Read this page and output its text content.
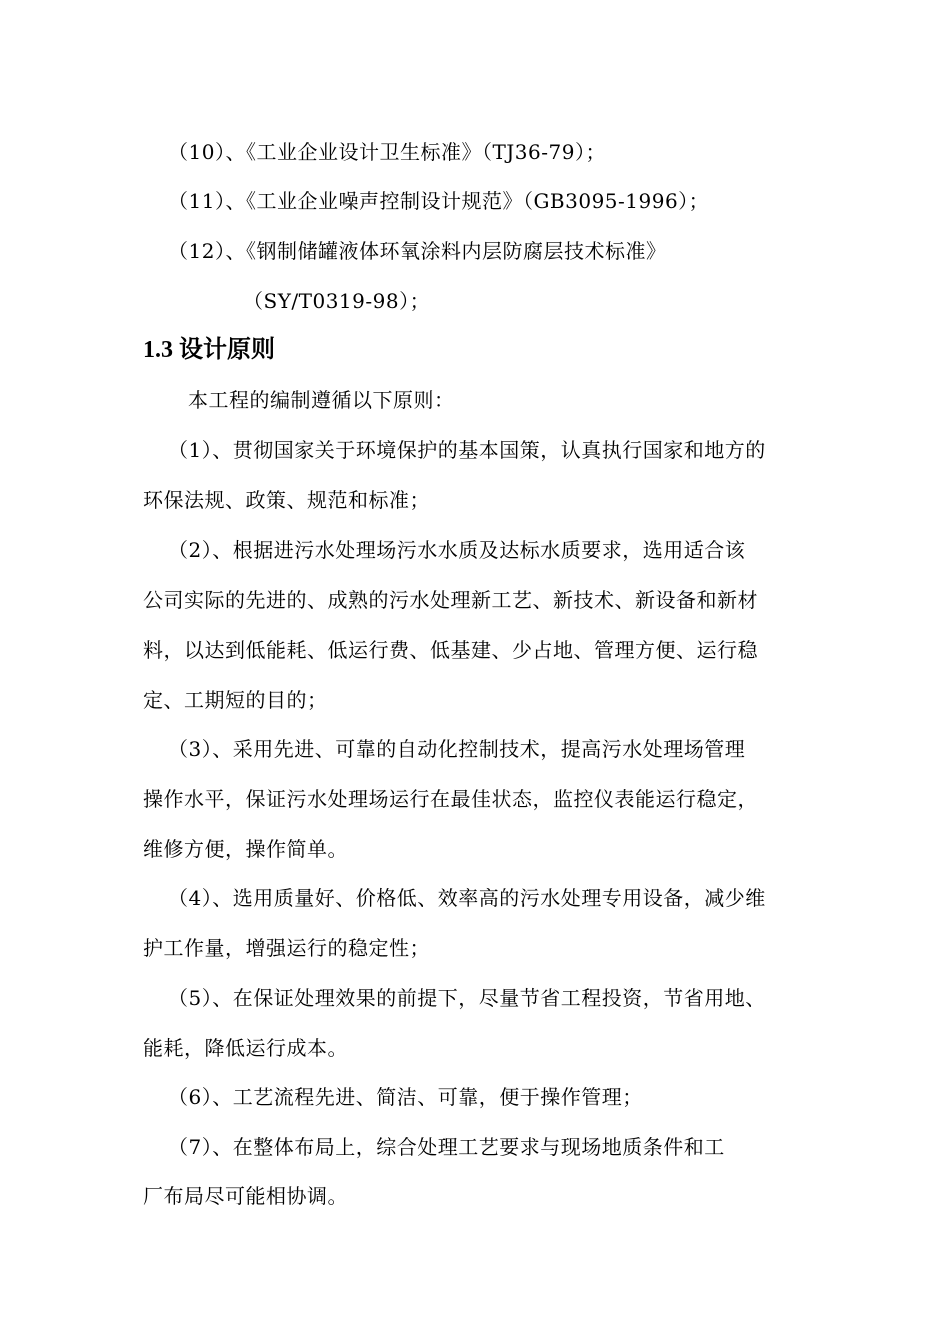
（10）、《工业企业设计卫生标准》（TJ36-79）；
（11）、《工业企业噪声控制设计规范》（GB3095-1996）；
（12）、《钢制储罐液体环氧涂料内层防腐层技术标准》
（SY/T0319-98）；
1.3 设计原则
本工程的编制遵循以下原则：
（1）、贯彻国家关于环境保护的基本国策，认真执行国家和地方的
环保法规、政策、规范和标准；
（2）、根据进污水处理场污水水质及达标水质要求，选用适合该
公司实际的先进的、成熟的污水处理新工艺、新技术、新设备和新材
料，以达到低能耗、低运行费、低基建、少占地、管理方便、运行稳
定、工期短的目的；
（3）、采用先进、可靠的自动化控制技术，提高污水处理场管理
操作水平，保证污水处理场运行在最佳状态，监控仪表能运行稳定，
维修方便，操作简单。
（4）、选用质量好、价格低、效率高的污水处理专用设备，减少维
护工作量，增强运行的稳定性；
（5）、在保证处理效果的前提下，尽量节省工程投资，节省用地、
能耗，降低运行成本。
（6）、工艺流程先进、简洁、可靠，便于操作管理；
（7）、在整体布局上，综合处理工艺要求与现场地质条件和工
厂布局尽可能相协调。
